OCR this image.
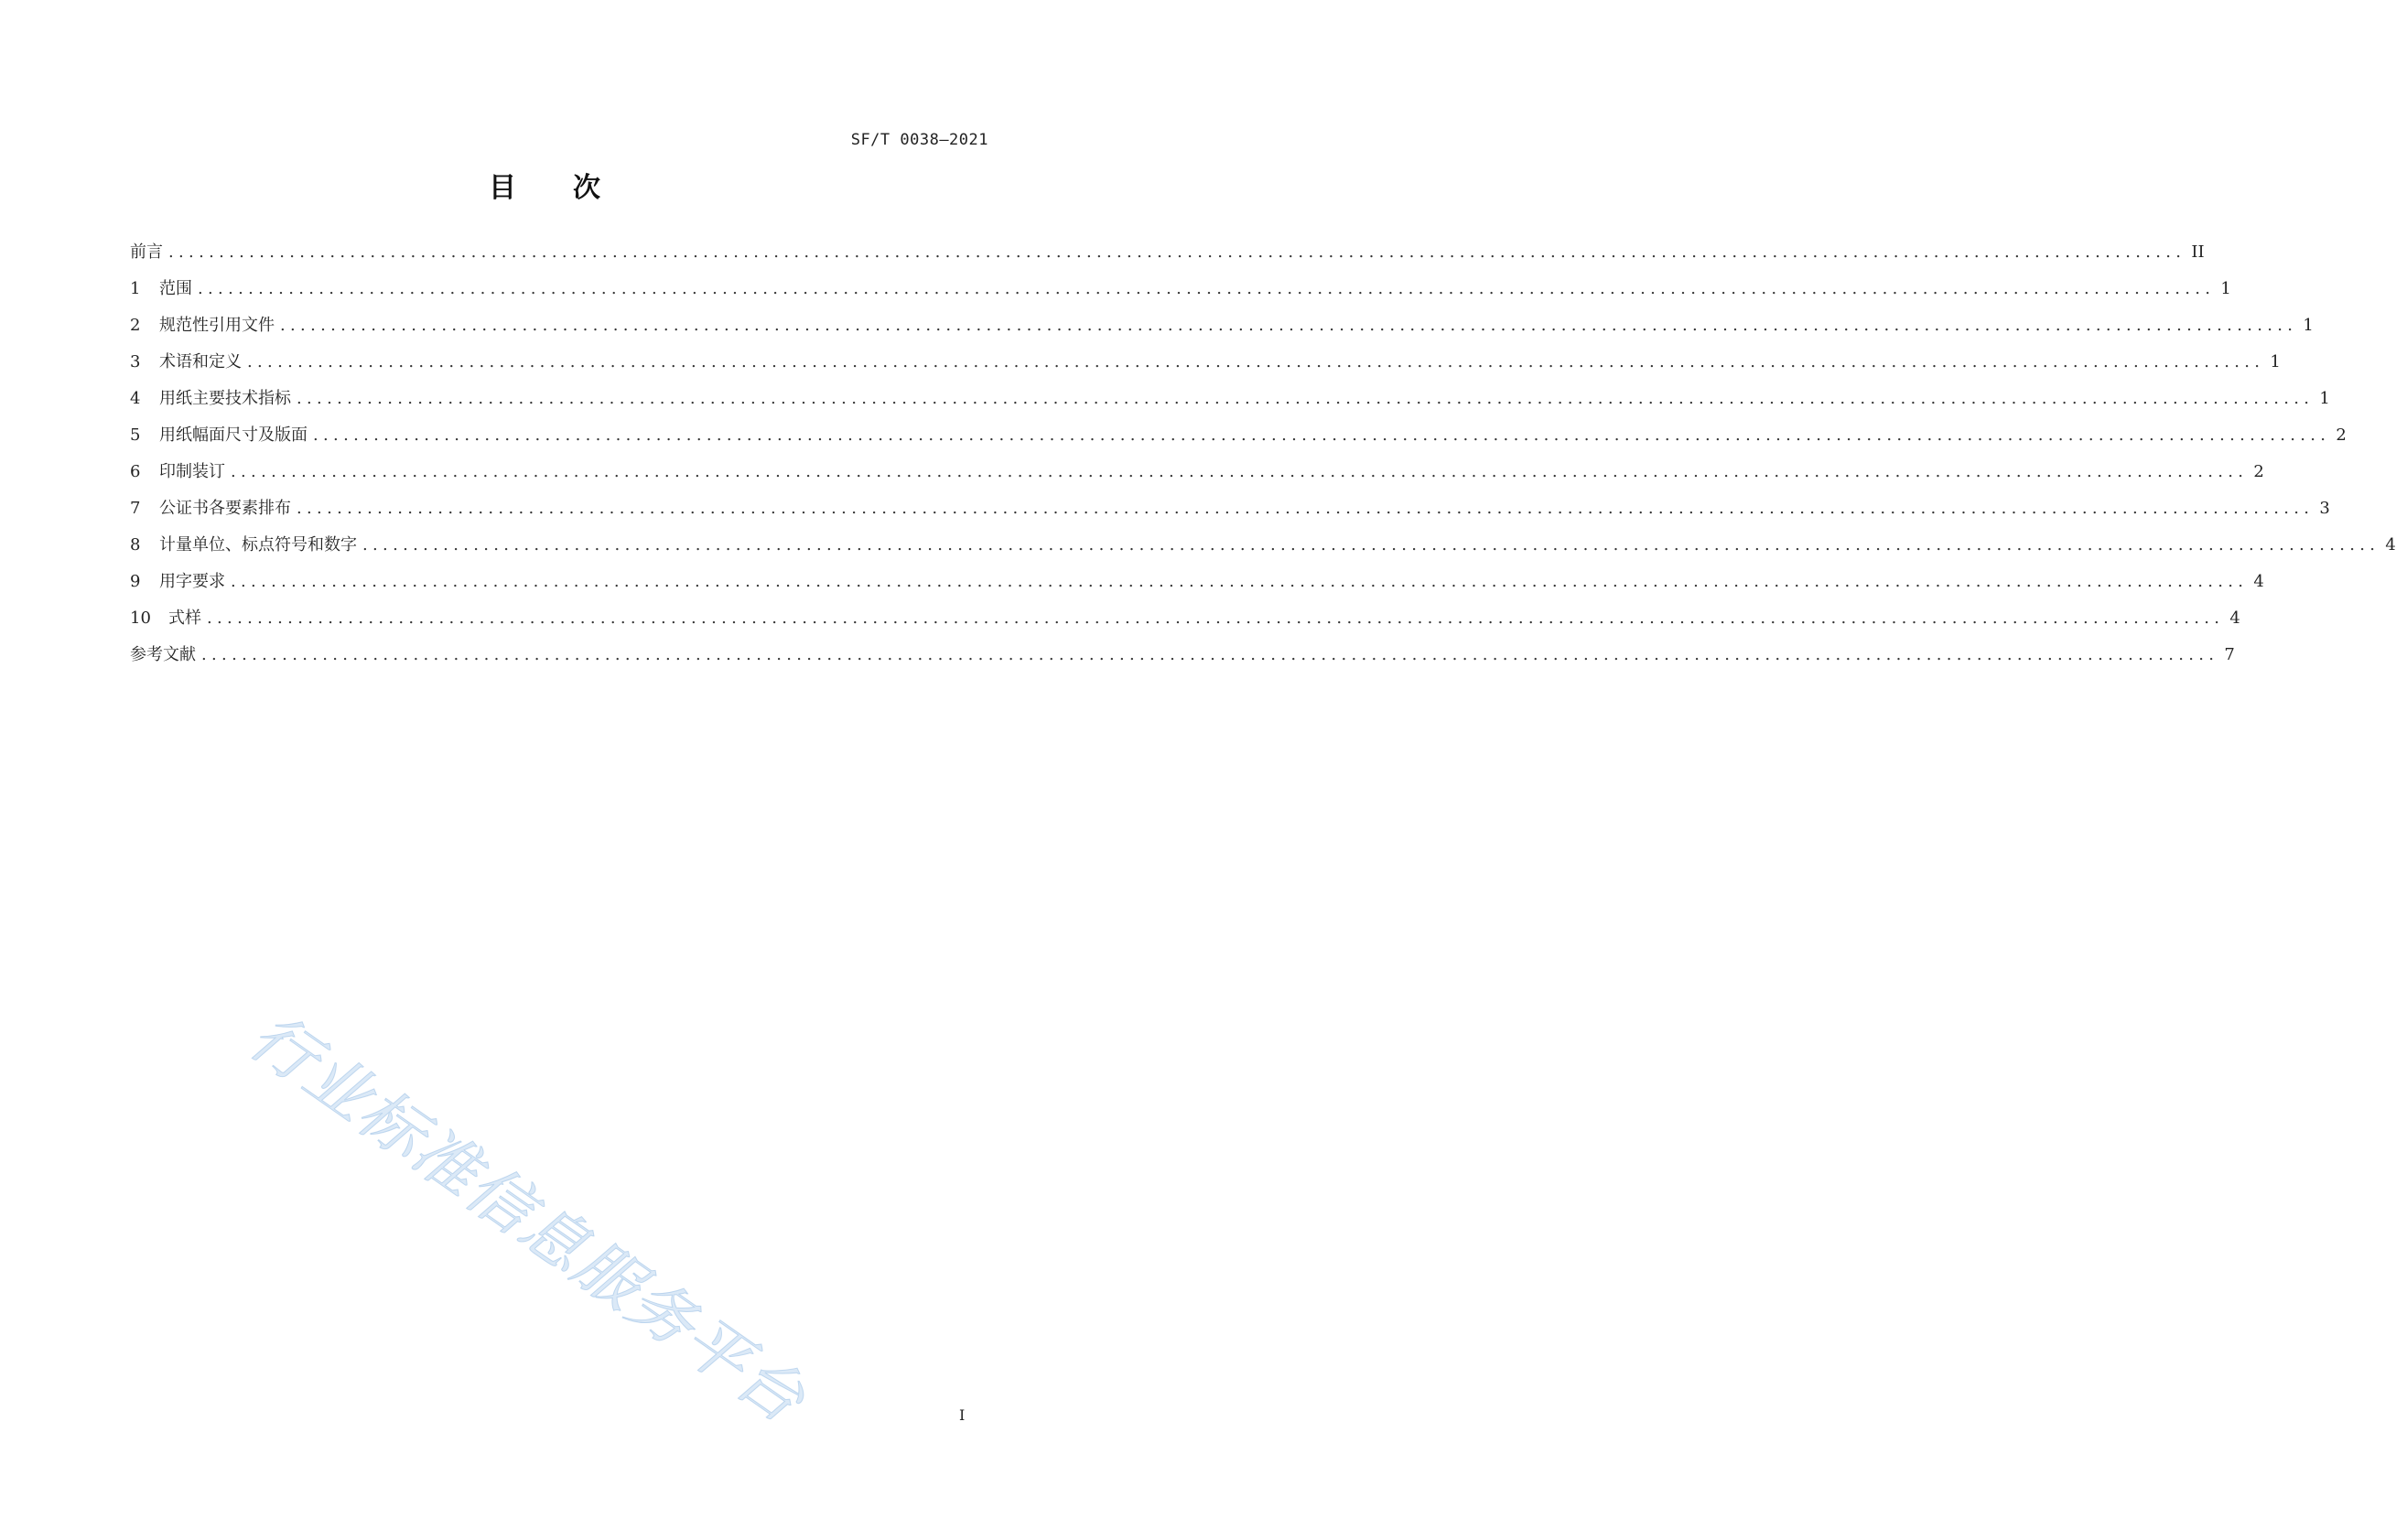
SF/T 0038—2021
目次
前言 ........................................................................................................................................................................................................ II
1	范围 ........................................................................................................................................................................................................ 1
2	规范性引用文件 ........................................................................................................................................................................................................ 1
3	术语和定义 ........................................................................................................................................................................................................ 1
4	用纸主要技术指标 ........................................................................................................................................................................................................ 1
5	用纸幅面尺寸及版面 ........................................................................................................................................................................................................ 2
6	印制装订 ........................................................................................................................................................................................................ 2
7	公证书各要素排布 ........................................................................................................................................................................................................ 3
8	计量单位、标点符号和数字 ........................................................................................................................................................................................................ 4
9	用字要求 ........................................................................................................................................................................................................ 4
10	式样 ........................................................................................................................................................................................................ 4
参考文献 ........................................................................................................................................................................................................ 7
行业标准信息服务平台	I
